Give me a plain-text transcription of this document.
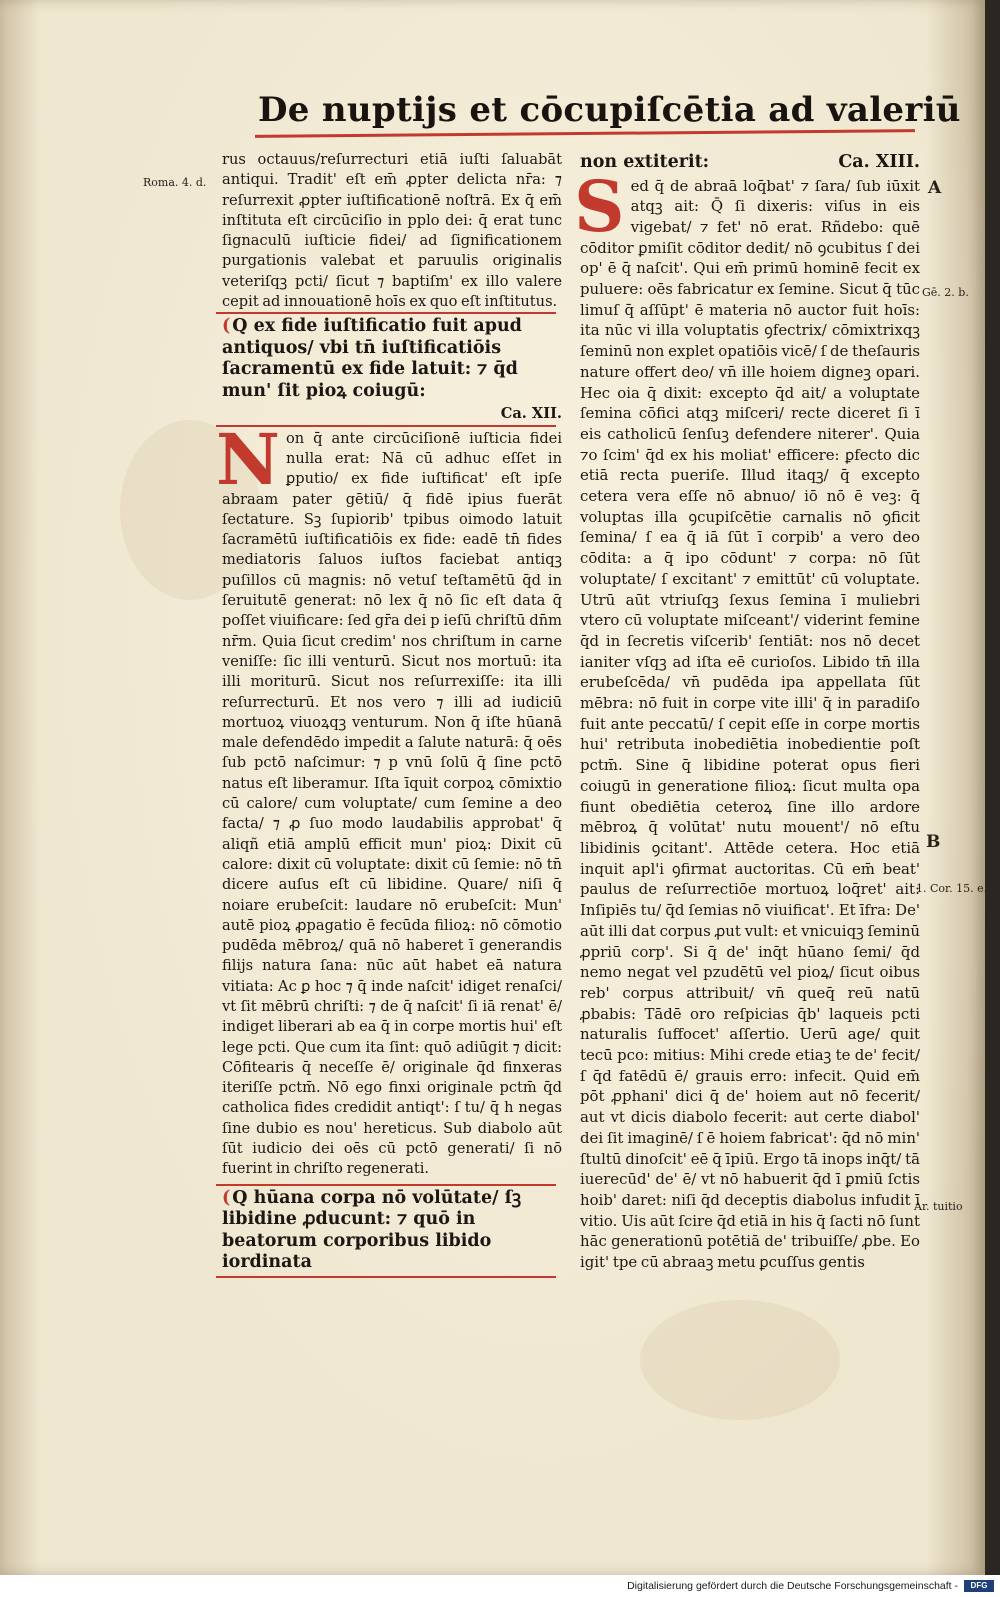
De nuptijs et cōcupiſcētia ad valeriū
Roma. 4. d.	A
Gē. 2. b.
B
1. Cor. 15. e.
Ar. tuitio

rus octauus/reſurrecturi etiā iuſti ſaluabāt antiqui. Tradit' eſt em̄ ꝓpter delicta nr̄a: ⁊ reſurrexit ꝓpter iuſtificationē noſtrā. Ex q̄ em̄ inſtituta eſt circūciſio in pplo dei: q̄ erat tunc ſignaculū iuſticie fidei/ ad ſignificationem purgationis valebat et paruulis originalis veteriſqꝫ pcti/ ſicut ⁊ baptiſm' ex illo valere cepit ad innouationē hoīs ex quo eſt inſtitutus.

( Q ex fide iuſtificatio fuit apud antiquos/ vbi tn̄ iuſtificatiōis ſacramentū ex fide latuit: ⁊ q̄d mun' ſit pioꝝ coiugū:
Ca. XII.
N on q̄ ante circūciſionē iuſticia fidei nulla erat: Nā cū adhuc eſſet in ꝑputio/ ex fide iuſtificat' eſt ipſe abraam pater gētiū/ q̄ fidē ipius fuerāt ſectature. Sꝫ ſupiorib' tpibus oimodo latuit ſacramētū iuſtificatiōis ex fide: eadē tn̄ fides mediatoris ſaluos iuſtos faciebat antiqꝫ puſillos cū magnis: nō vetuſ teſtamētū q̄d in ſeruitutē generat: nō lex q̄ nō ſic eſt data q̄ poſſet viuificare: ſed gr̄a dei p ieſū chriſtū dn̄m nr̄m. Quia ſicut credim' nos chriſtum in carne veniſſe: ſic illi venturū. Sicut nos mortuū: ita illi moriturū. Sicut nos reſurrexiſſe: ita illi reſurrecturū. Et nos vero ⁊ illi ad iudiciū mortuoꝝ viuoꝝqꝫ venturum. Non q̄ iſte hūanā male defendēdo impedit a ſalute naturā: q̄ oēs ſub pctō naſcimur: ⁊ p vnū ſolū q̄ ſine pctō natus eſt liberamur. Iſta īquit corpoꝝ cōmixtio cū calore/ cum voluptate/ cum ſemine a deo facta/ ⁊ ꝓ ſuo modo laudabilis approbat' q̄ aliqñ etiā amplū efficit mun' pioꝝ: Dixit cū calore: dixit cū voluptate: dixit cū ſemie: nō tn̄ dicere auſus eſt cū libidine. Quare/ niſi q̄ noiare erubeſcit: laudare nō erubeſcit: Mun' autē pioꝝ ꝓpagatio ē fecūda filioꝝ: nō cōmotio pudēda mēbroꝝ/ quā nō haberet ī generandis filijs natura ſana: nūc aūt habet eā natura vitiata: Ac ꝑ hoc ⁊ q̄ inde naſcit' idiget renaſci/ vt ſit mēbrū chriſti: ⁊ de q̄ naſcit' ſi iā renat' ē/ indiget liberari ab ea q̄ in corpe mortis hui' eſt lege pcti. Que cum ita ſint: quō adiūgit ⁊ dicit: Cōfitearis q̄ neceſſe ē/ originale q̄d finxeras iteriſſe pctm̄. Nō ego finxi originale pctm̄ q̄d catholica fides credidit antiqt': ſ tu/ q̄ h negas ſine dubio es nou' hereticus. Sub diabolo aūt ſūt iudicio dei oēs cū pctō generati/ ſi nō fuerint in chriſto regenerati.

( Q hūana corpa nō volūtate/ ſꝫ libidine ꝓducunt: ⁊ quō in beatorum corporibus libido iordinata
non extiterit:	Ca. XIII.
S ed q̄ de abraā loq̄bat' ⁊ ſara/ ſub iūxit atqꝫ ait: Q̄ ſi dixeris: viſus in eis vigebat/ ⁊ fet' nō erat. Rñdebo: quē cōditor ꝑmiſit cōditor dedit/ nō ꝯcubitus ſ dei op' ē q̄ naſcit'. Qui em̄ primū hominē fecit ex puluere: oēs fabricatur ex ſemine. Sicut q̄ tūc limuſ q̄ aſſūpt' ē materia nō auctor fuit hoīs: ita nūc vi illa voluptatis ꝯfectrix/ cōmixtrixqꝫ ſeminū non explet opatiōis vicē/ ſ de theſauris nature offert deo/ vn̄ ille hoiem digneꝫ opari. Hec oia q̄ dixit: excepto q̄d ait/ a voluptate ſemina cōfici atqꝫ miſceri/ recte diceret ſi ī eis catholicū ſenſuꝫ defendere niterer'. Quia ⁊o ſcim' q̄d ex his moliat' efficere: ꝑfecto dic etiā recta pueriſe. Illud itaqꝫ/ q̄ excepto cetera vera eſſe nō abnuo/ iō nō ē veꝫ: q̄ voluptas illa ꝯcupiſcētie carnalis nō ꝯficit ſemina/ ſ ea q̄ iā ſūt ī corpib' a vero deo cōdita: a q̄ ipo cōdunt' ⁊ corpa: nō ſūt voluptate/ ſ excitant' ⁊ emittūt' cū voluptate. Utrū aūt vtriuſqꝫ ſexus ſemina ī muliebri vtero cū voluptate miſceant'/ viderint femine q̄d in ſecretis viſcerib' ſentiāt: nos nō decet ianiter vſqꝫ ad iſta eē curioſos. Libido tn̄ illa erubeſcēda/ vn̄ pudēda ipa appellata ſūt mēbra: nō fuit in corpe vite illi' q̄ in paradiſo fuit ante peccatū/ ſ cepit eſſe in corpe mortis hui' retributa inobediētia inobedientie poſt pctm̄. Sine q̄ libidine poterat opus fieri coiugū in generatione filioꝝ: ſicut multa opa fiunt obediētia ceteroꝝ ſine illo ardore mēbroꝝ q̄ volūtat' nutu mouent'/ nō eſtu libidinis ꝯcitant'. Attēde cetera. Hoc etiā inquit apl'i ꝯfirmat auctoritas. Cū em̄ beat' paulus de reſurrectiōe mortuoꝝ loq̄ret' ait: Inſipiēs tu/ q̄d ſemias nō viuificat'. Et īfra: De' aūt illi dat corpus ꝓut vult: et vnicuiqꝫ ſeminū ꝓpriū corp'. Si q̄ de' inq̄t hūano ſemi/ q̄d nemo negat vel pzudētū vel pioꝝ/ ſicut oibus reb' corpus attribuit/ vn̄ queq̄ reū natū ꝓbabis: Tādē oro reſpicias q̄b' laqueis pcti naturalis ſuffocet' aſſertio. Uerū age/ quit tecū pco: mitius: Mihi crede etiaꝫ te de' fecit/ ſ q̄d fatēdū ē/ grauis erro: infecit. Quid em̄ pōt ꝓphani' dici q̄ de' hoiem aut nō fecerit/ aut vt dicis diabolo fecerit: aut certe diabol' dei ſit imaginē/ ſ ē hoiem fabricat': q̄d nō min' ſtultū dinoſcit' eē q̄ īpiū. Ergo tā inops inq̄t/ tā iuerecūd' de' ē/ vt nō habuerit q̄d ī ꝑmiū ſctis hoib' daret: niſi q̄d deceptis diabolus infudit ī vitio. Uis aūt ſcire q̄d etiā in his q̄ ſacti nō ſunt hāc generationū potētiā de' tribuiſſe/ ꝓbe. Eo igit' tpe cū abraaꝫ metu ꝑcuſſus gentis

Digitalisierung gefördert durch die Deutsche Forschungsgemeinschaft -	DFG
